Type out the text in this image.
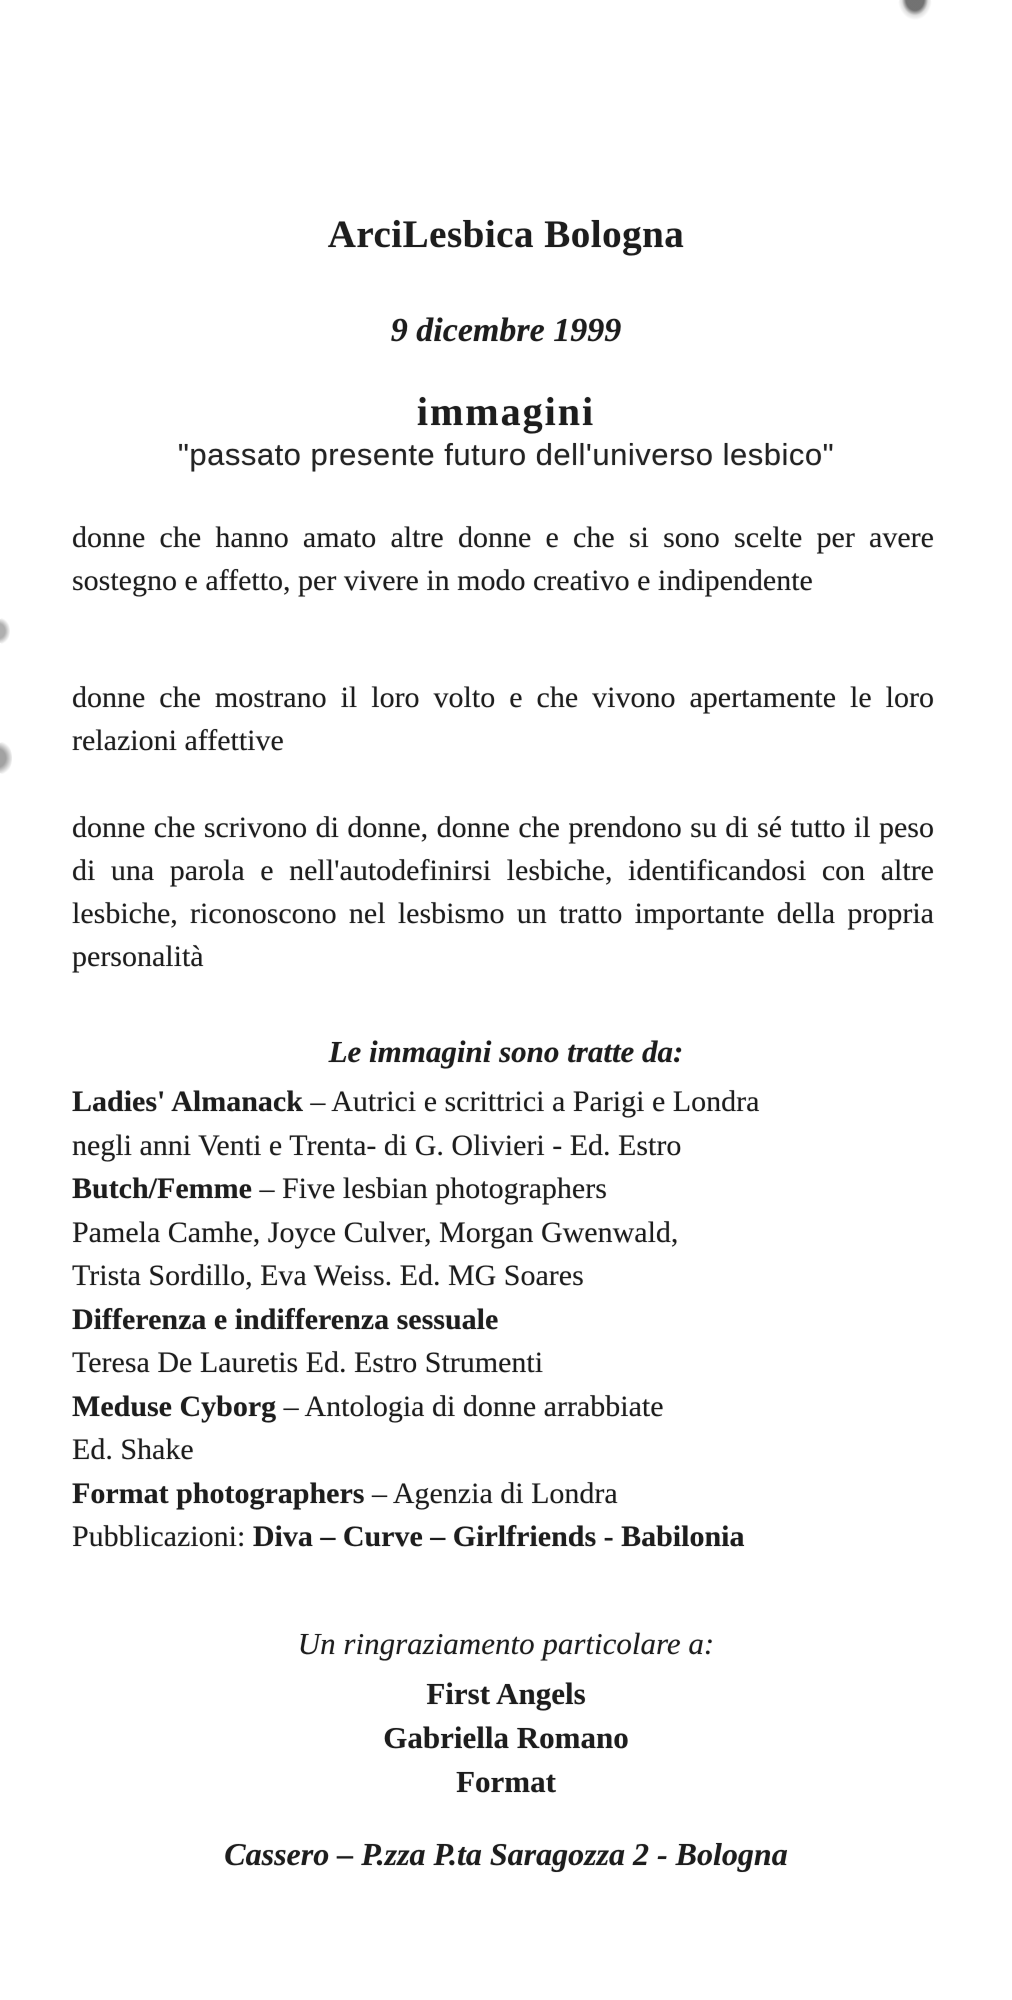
ArciLesbica Bologna
9 dicembre 1999
immagini
"passato presente futuro dell'universo lesbico"

donne che hanno amato altre donne e che si sono scelte per avere sostegno e affetto, per vivere in modo creativo e indipendente

donne che mostrano il loro volto e che vivono apertamente le loro relazioni affettive

donne che scrivono di donne, donne che prendono su di sé tutto il peso di una parola e nell'autodefinirsi lesbiche, identificandosi con altre lesbiche, riconoscono nel lesbismo un tratto importante della propria personalità

Le immagini sono tratte da:
Ladies' Almanack – Autrici e scrittrici a Parigi e Londra
negli anni Venti e Trenta- di G. Olivieri - Ed. Estro
Butch/Femme – Five lesbian photographers
Pamela Camhe, Joyce Culver, Morgan Gwenwald,
Trista Sordillo, Eva Weiss. Ed. MG Soares
Differenza e indifferenza sessuale
Teresa De Lauretis Ed. Estro Strumenti
Meduse Cyborg – Antologia di donne arrabbiate
Ed. Shake
Format photographers – Agenzia di Londra
Pubblicazioni: Diva – Curve – Girlfriends - Babilonia
Un ringraziamento particolare a:
First Angels
Gabriella Romano
Format
Cassero – P.zza P.ta Saragozza 2 - Bologna
